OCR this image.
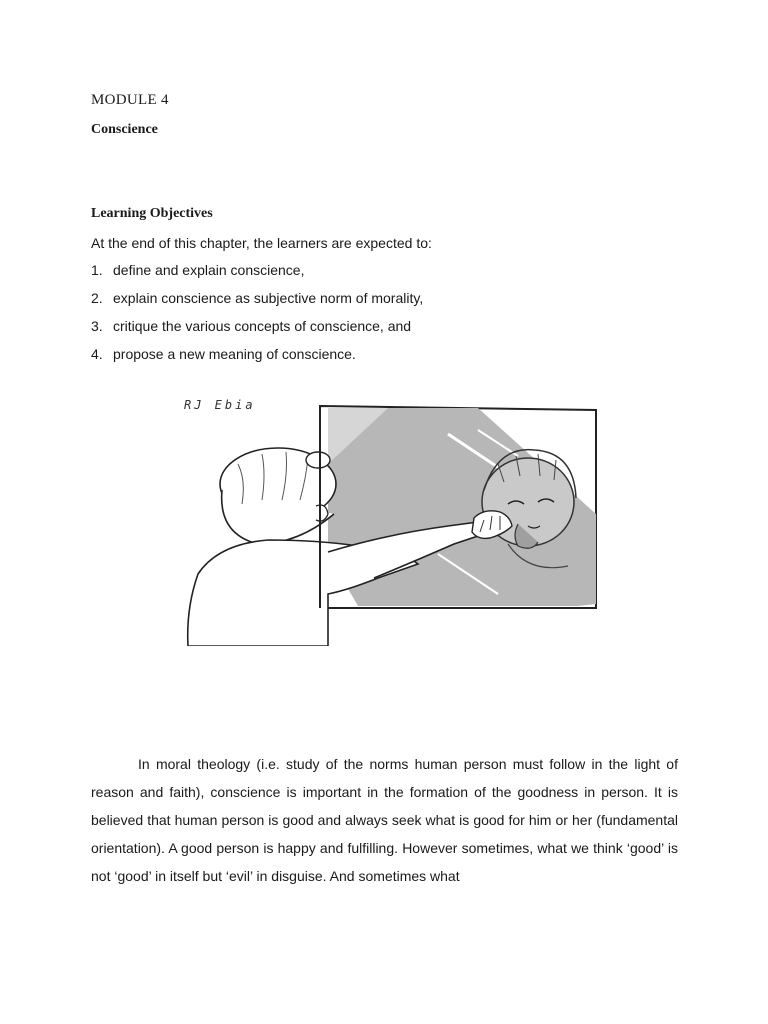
MODULE 4
Conscience
Learning Objectives
At the end of this chapter, the learners are expected to:
1. define and explain conscience,
2. explain conscience as subjective norm of morality,
3. critique the various concepts of conscience, and
4. propose a new meaning of conscience.
RJ Ebia

In moral theology (i.e. study of the norms human person must follow in the light of reason and faith), conscience is important in the formation of the goodness in person. It is believed that human person is good and always seek what is good for him or her (fundamental orientation). A good person is happy and fulfilling. However sometimes, what we think ‘good’ is not ‘good’ in itself but ‘evil’ in disguise. And sometimes what
